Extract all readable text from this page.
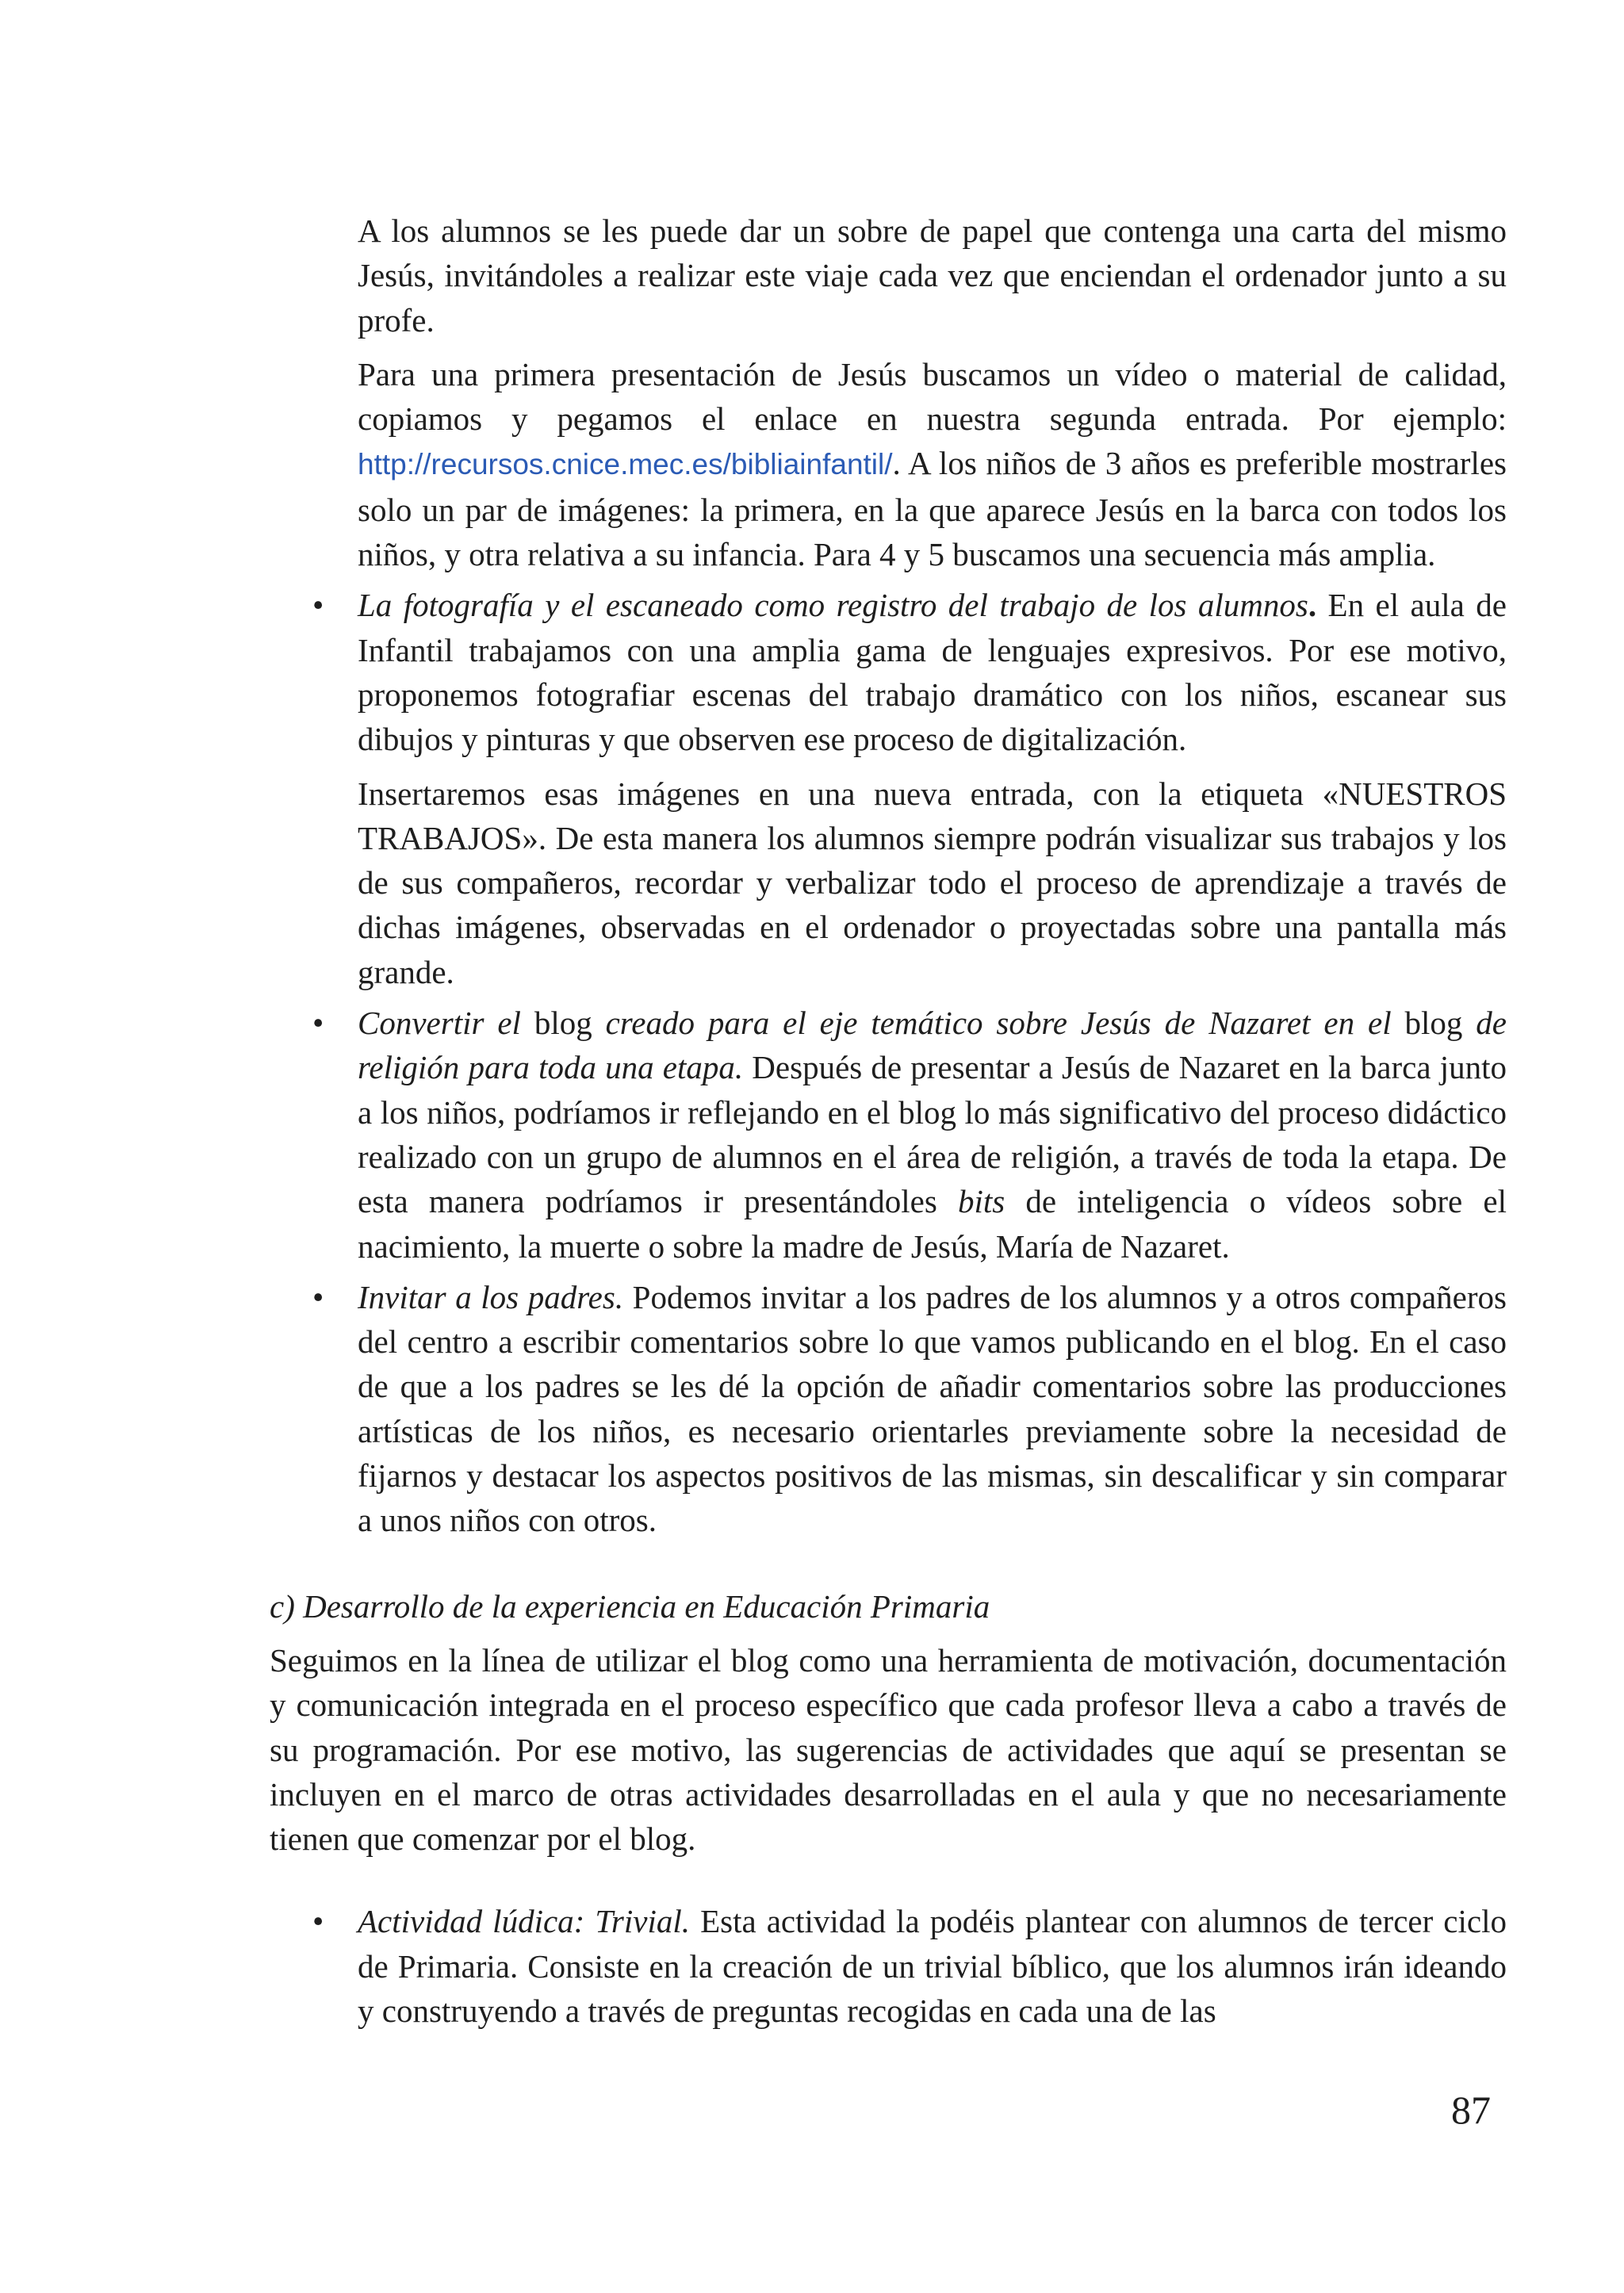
A los alumnos se les puede dar un sobre de papel que contenga una carta del mismo Jesús, invitándoles a realizar este viaje cada vez que enciendan el ordenador junto a su profe.

Para una primera presentación de Jesús buscamos un vídeo o material de calidad, copiamos y pegamos el enlace en nuestra segunda entrada. Por ejemplo: http://recursos.cnice.mec.es/bibliainfantil/. A los niños de 3 años es preferible mostrarles solo un par de imágenes: la primera, en la que aparece Jesús en la barca con todos los niños, y otra relativa a su infancia. Para 4 y 5 buscamos una secuencia más amplia.

• La fotografía y el escaneado como registro del trabajo de los alumnos. En el aula de Infantil trabajamos con una amplia gama de lenguajes expresivos. Por ese motivo, proponemos fotografiar escenas del trabajo dramático con los niños, escanear sus dibujos y pinturas y que observen ese proceso de digitalización.

Insertaremos esas imágenes en una nueva entrada, con la etiqueta «NUESTROS TRABAJOS». De esta manera los alumnos siempre podrán visualizar sus trabajos y los de sus compañeros, recordar y verbalizar todo el proceso de aprendizaje a través de dichas imágenes, observadas en el ordenador o proyectadas sobre una pantalla más grande.

• Convertir el blog creado para el eje temático sobre Jesús de Nazaret en el blog de religión para toda una etapa. Después de presentar a Jesús de Nazaret en la barca junto a los niños, podríamos ir reflejando en el blog lo más significativo del proceso didáctico realizado con un grupo de alumnos en el área de religión, a través de toda la etapa. De esta manera podríamos ir presentándoles bits de inteligencia o vídeos sobre el nacimiento, la muerte o sobre la madre de Jesús, María de Nazaret.

• Invitar a los padres. Podemos invitar a los padres de los alumnos y a otros compañeros del centro a escribir comentarios sobre lo que vamos publicando en el blog. En el caso de que a los padres se les dé la opción de añadir comentarios sobre las producciones artísticas de los niños, es necesario orientarles previamente sobre la necesidad de fijarnos y destacar los aspectos positivos de las mismas, sin descalificar y sin comparar a unos niños con otros.

c) Desarrollo de la experiencia en Educación Primaria

Seguimos en la línea de utilizar el blog como una herramienta de motivación, documentación y comunicación integrada en el proceso específico que cada profesor lleva a cabo a través de su programación. Por ese motivo, las sugerencias de actividades que aquí se presentan se incluyen en el marco de otras actividades desarrolladas en el aula y que no necesariamente tienen que comenzar por el blog.

• Actividad lúdica: Trivial. Esta actividad la podéis plantear con alumnos de tercer ciclo de Primaria. Consiste en la creación de un trivial bíblico, que los alumnos irán ideando y construyendo a través de preguntas recogidas en cada una de las

87
